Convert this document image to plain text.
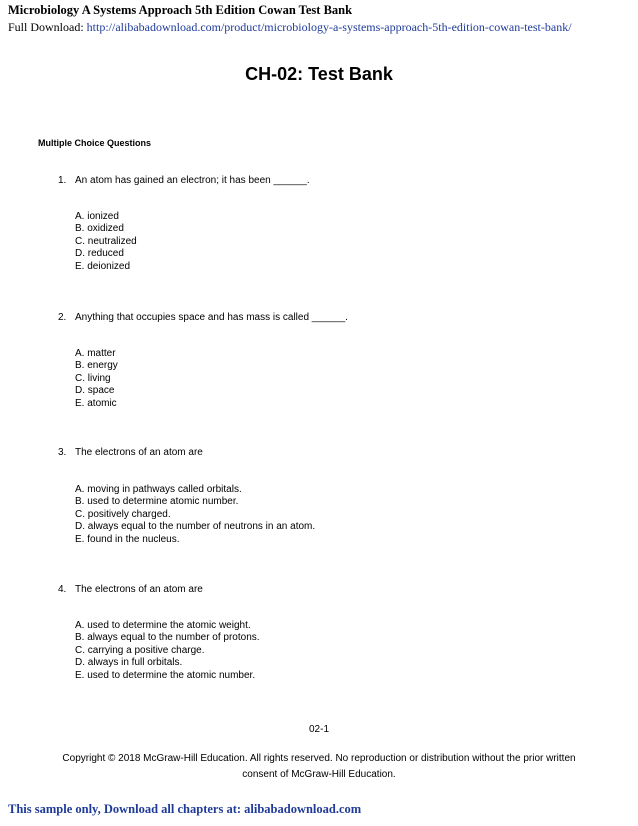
Microbiology A Systems Approach 5th Edition Cowan Test Bank
Full Download: http://alibabadownload.com/product/microbiology-a-systems-approach-5th-edition-cowan-test-bank/
CH-02: Test Bank
Multiple Choice Questions
1. An atom has gained an electron; it has been ______.
A. ionized
B. oxidized
C. neutralized
D. reduced
E. deionized
2. Anything that occupies space and has mass is called ______.
A. matter
B. energy
C. living
D. space
E. atomic
3. The electrons of an atom are
A. moving in pathways called orbitals.
B. used to determine atomic number.
C. positively charged.
D. always equal to the number of neutrons in an atom.
E. found in the nucleus.
4. The electrons of an atom are
A. used to determine the atomic weight.
B. always equal to the number of protons.
C. carrying a positive charge.
D. always in full orbitals.
E. used to determine the atomic number.
02-1
Copyright © 2018 McGraw-Hill Education. All rights reserved. No reproduction or distribution without the prior written
consent of McGraw-Hill Education.
This sample only, Download all chapters at: alibabadownload.com
